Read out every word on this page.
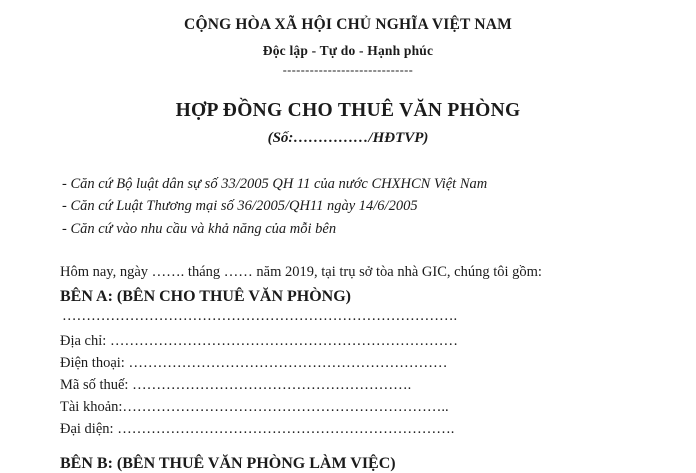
CỘNG HÒA XÃ HỘI CHỦ NGHĨA VIỆT NAM
Độc lập - Tự do - Hạnh phúc
-----------------------------
HỢP ĐỒNG CHO THUÊ VĂN PHÒNG
(Số:……………/HĐTVP)
- Căn cứ Bộ luật dân sự số 33/2005 QH 11 của nước CHXHCN Việt Nam
- Căn cứ Luật Thương mại số 36/2005/QH11 ngày 14/6/2005
- Căn cứ vào nhu cầu và khả năng của mỗi bên
Hôm nay, ngày ……. tháng …… năm 2019, tại trụ sở tòa nhà GIC, chúng tôi gồm:
BÊN A: (BÊN CHO THUÊ VĂN PHÒNG)
……………………………………………………………………….
Địa chỉ: ………………………………………………………………
Điện thoại: …………………………………………………………
Mã số thuế: ………………………………………………….
Tài khoản:…………………………………………………………..
Đại diện: …………………………………………………………….
BÊN B: (BÊN THUÊ VĂN PHÒNG LÀM VIỆC)
